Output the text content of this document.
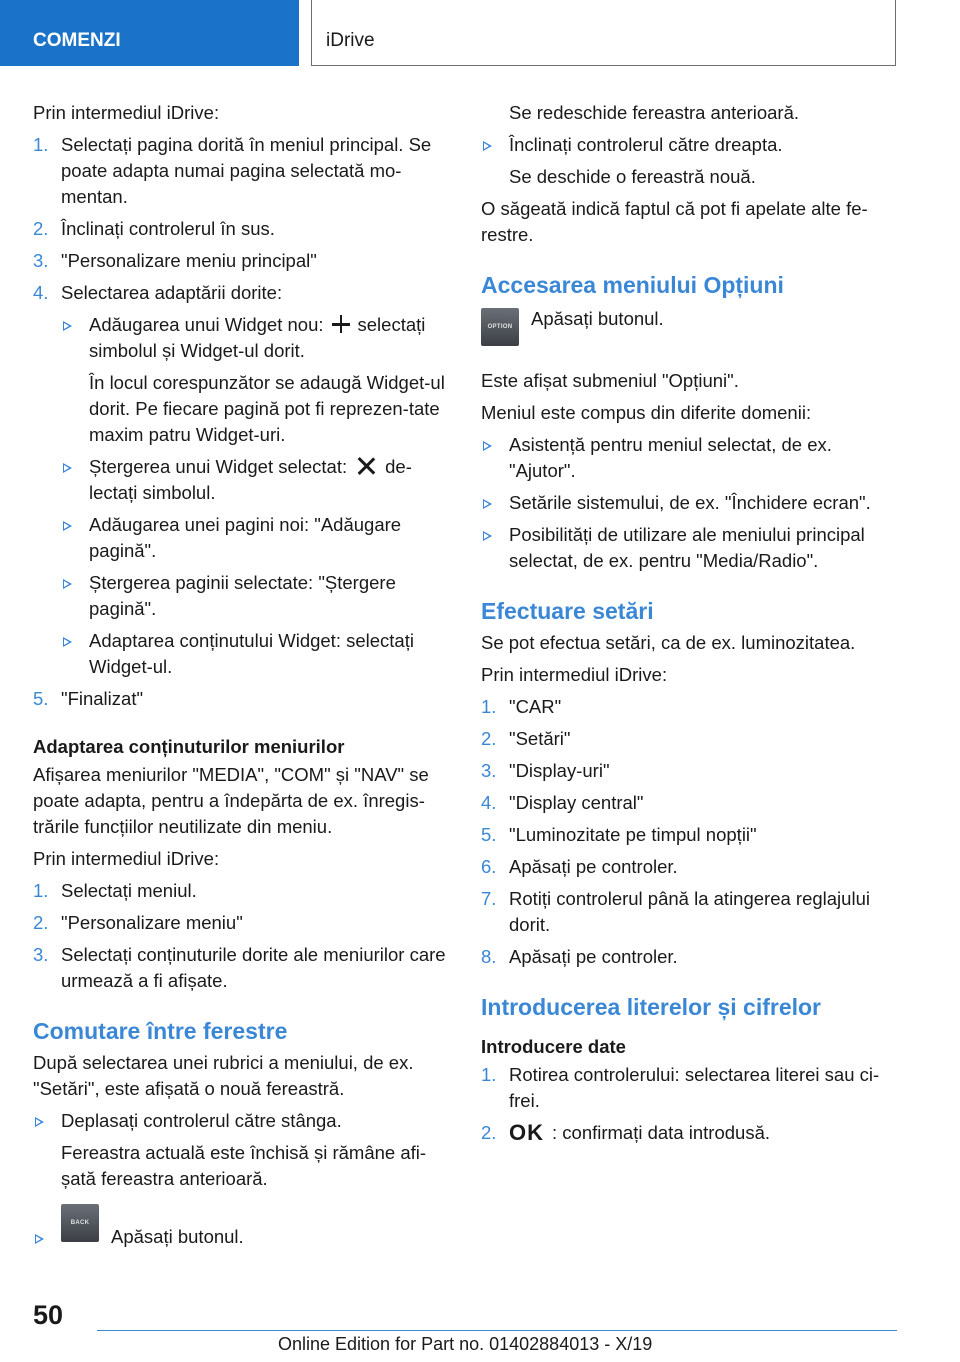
COMENZI	iDrive

Prin intermediul iDrive:

1. Selectați pagina dorită în meniul principal. Se poate adapta numai pagina selectată mo‐mentan.
2. Înclinați controlerul în sus.
3. "Personalizare meniu principal"
4. Selectarea adaptării dorite:
Adăugarea unui Widget nou: selectați simbolul și Widget-ul dorit.
În locul corespunzător se adaugă Widget-ul dorit. Pe fiecare pagină pot fi reprezen‐tate maxim patru Widget-uri.
Ștergerea unui Widget selectat: de‐lectați simbolul.
Adăugarea unei pagini noi: "Adăugare pagină".
Ștergerea paginii selectate: "Ștergere pagină".
Adaptarea conținutului Widget: selectați Widget-ul.
5. "Finalizat"
Adaptarea conținuturilor meniurilor

Afișarea meniurilor "MEDIA", "COM" și "NAV" se poate adapta, pentru a îndepărta de ex. înregis‐trările funcțiilor neutilizate din meniu.

Prin intermediul iDrive:

1. Selectați meniul.
2. "Personalizare meniu"
3. Selectați conținuturile dorite ale meniurilor care urmează a fi afișate.
Comutare între ferestre

După selectarea unei rubrici a meniului, de ex. "Setări", este afișată o nouă fereastră.

Deplasați controlerul către stânga.
Fereastra actuală este închisă și rămâne afi‐șată fereastra anterioară.
BACK
Apăsați butonul.
Se redeschide fereastra anterioară.
Înclinați controlerul către dreapta.
Se deschide o fereastră nouă.

O săgeată indică faptul că pot fi apelate alte fe‐restre.

Accesarea meniului Opțiuni
OPTION	Apăsați butonul.

Este afișat submeniul "Opțiuni".

Meniul este compus din diferite domenii:

Asistență pentru meniul selectat, de ex. "Ajutor".
Setările sistemului, de ex. "Închidere ecran".
Posibilități de utilizare ale meniului principal selectat, de ex. pentru "Media/Radio".
Efectuare setări

Se pot efectua setări, ca de ex. luminozitatea.

Prin intermediul iDrive:

1. "CAR"
2. "Setări"
3. "Display-uri"
4. "Display central"
5. "Luminozitate pe timpul nopții"
6. Apăsați pe controler.
7. Rotiți controlerul până la atingerea reglajului dorit.
8. Apăsați pe controler.
Introducerea literelor și cifrelor
Introducere date
1. Rotirea controlerului: selectarea literei sau ci‐frei.
2. OK : confirmați data introdusă.
50
Online Edition for Part no. 01402884013 - X/19
